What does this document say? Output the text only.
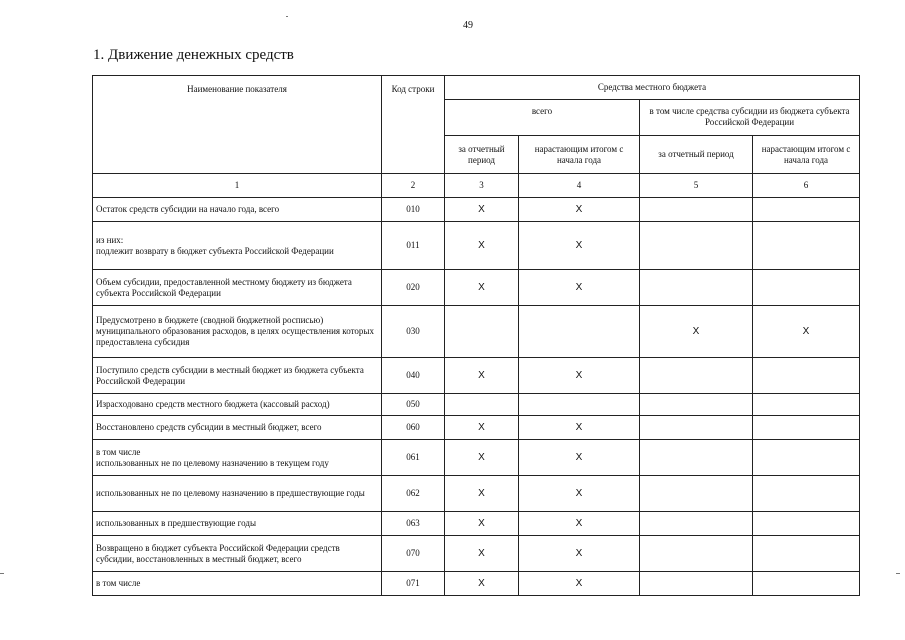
49
1. Движение денежных средств
Наименование показателя	Код строки	Средства местного бюджета			
		всего		в том числе средства субсидии из бюджета субъекта Российской Федерации	
		за отчетный период	нарастающим итогом с начала года	за отчетный период	нарастающим итогом с начала года
1	2	3	4	5	6
Остаток средств субсидии на начало года, всего	010	X	X		
из них:
подлежит возврату в бюджет субъекта Российской Федерации	011	X	X		
Объем субсидии, предоставленной местному бюджету из бюджета субъекта Российской Федерации	020	X	X		
Предусмотрено в бюджете (сводной бюджетной росписью) муниципального образования расходов, в целях осуществления которых предоставлена субсидия	030			X	X
Поступило средств субсидии в местный бюджет из бюджета субъекта Российской Федерации	040	X	X		
Израсходовано средств местного бюджета (кассовый расход)	050				
Восстановлено средств субсидии в местный бюджет, всего	060	X	X		
в том числе
использованных не по целевому назначению в текущем году	061	X	X		
использованных не по целевому назначению в предшествующие годы	062	X	X		
использованных в предшествующие годы	063	X	X		
Возвращено в бюджет субъекта Российской Федерации средств субсидии, восстановленных в местный бюджет, всего	070	X	X		
в том числе	071	X	X		
